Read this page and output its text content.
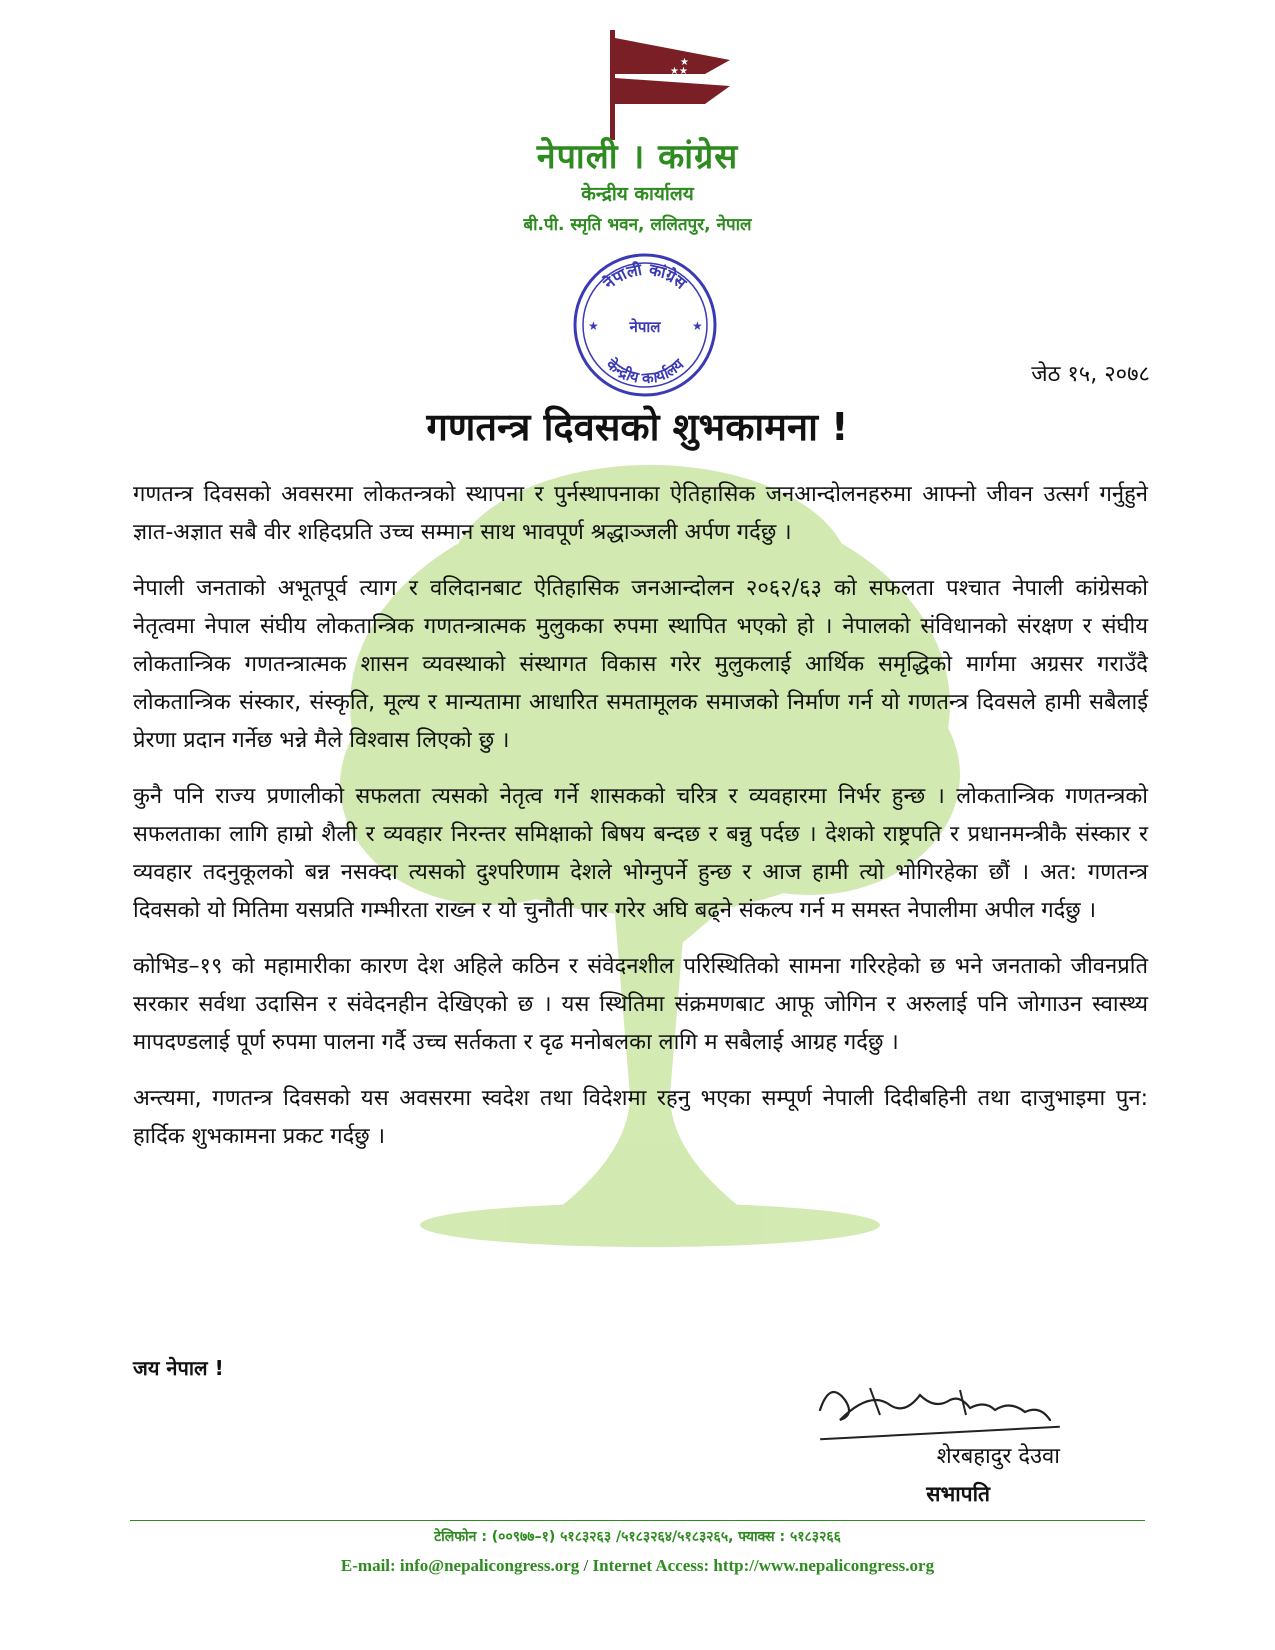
★★
★
नेपाली । कांग्रेस
केन्द्रीय कार्यालय
बी.पी. स्मृति भवन, ललितपुर, नेपाल
नेपाली कांग्रेस
नेपाल
केन्द्रीय कार्यालय
★	★
जेठ १५, २०७८
गणतन्त्र दिवसको शुभकामना !

गणतन्त्र दिवसको अवसरमा लोकतन्त्रको स्थापना र पुर्नस्थापनाका ऐतिहासिक जनआन्दोलनहरुमा आफ्नो जीवन उत्सर्ग गर्नुहुने ज्ञात-अज्ञात सबै वीर शहिदप्रति उच्च सम्मान साथ भावपूर्ण श्रद्धाञ्जली अर्पण गर्दछु ।

नेपाली जनताको अभूतपूर्व त्याग र वलिदानबाट ऐतिहासिक जनआन्दोलन २०६२/६३ को सफलता पश्चात नेपाली कांग्रेसको नेतृत्वमा नेपाल संघीय लोकतान्त्रिक गणतन्त्रात्मक मुलुकका रुपमा स्थापित भएको हो । नेपालको संविधानको संरक्षण र संघीय लोकतान्त्रिक गणतन्त्रात्मक शासन व्यवस्थाको संस्थागत विकास गरेर मुलुकलाई आर्थिक समृद्धिको मार्गमा अग्रसर गराउँदै लोकतान्त्रिक संस्कार, संस्कृति, मूल्य र मान्यतामा आधारित समतामूलक समाजको निर्माण गर्न यो गणतन्त्र दिवसले हामी सबैलाई प्रेरणा प्रदान गर्नेछ भन्ने मैले विश्वास लिएको छु ।

कुनै पनि राज्य प्रणालीको सफलता त्यसको नेतृत्व गर्ने शासकको चरित्र र व्यवहारमा निर्भर हुन्छ । लोकतान्त्रिक गणतन्त्रको सफलताका लागि हाम्रो शैली र व्यवहार निरन्तर समिक्षाको बिषय बन्दछ र बन्नु पर्दछ । देशको राष्ट्रपति र प्रधानमन्त्रीकै संस्कार र व्यवहार तदनुकूलको बन्न नसक्दा त्यसको दुश्परिणाम देशले भोग्नुपर्ने हुन्छ र आज हामी त्यो भोगिरहेका छौं । अत: गणतन्त्र दिवसको यो मितिमा यसप्रति गम्भीरता राख्न र यो चुनौती पार गरेर अघि बढ्ने संकल्प गर्न म समस्त नेपालीमा अपील गर्दछु ।

कोभिड–१९ को महामारीका कारण देश अहिले कठिन र संवेदनशील परिस्थितिको सामना गरिरहेको छ भने जनताको जीवनप्रति सरकार सर्वथा उदासिन र संवेदनहीन देखिएको छ । यस स्थितिमा संक्रमणबाट आफू जोगिन र अरुलाई पनि जोगाउन स्वास्थ्य मापदण्डलाई पूर्ण रुपमा पालना गर्दै उच्च सर्तकता र दृढ मनोबलका लागि म सबैलाई आग्रह गर्दछु ।

अन्त्यमा, गणतन्त्र दिवसको यस अवसरमा स्वदेश तथा विदेशमा रहनु भएका सम्पूर्ण नेपाली दिदीबहिनी तथा दाजुभाइमा पुन: हार्दिक शुभकामना प्रकट गर्दछु ।

जय नेपाल !
शेरबहादुर देउवा
सभापति
टेलिफोन : (००९७७–१) ५१८३२६३ /५१८३२६४/५१८३२६५, फ्याक्स : ५१८३२६६
E-mail: info@nepalicongress.org / Internet Access: http://www.nepalicongress.org
